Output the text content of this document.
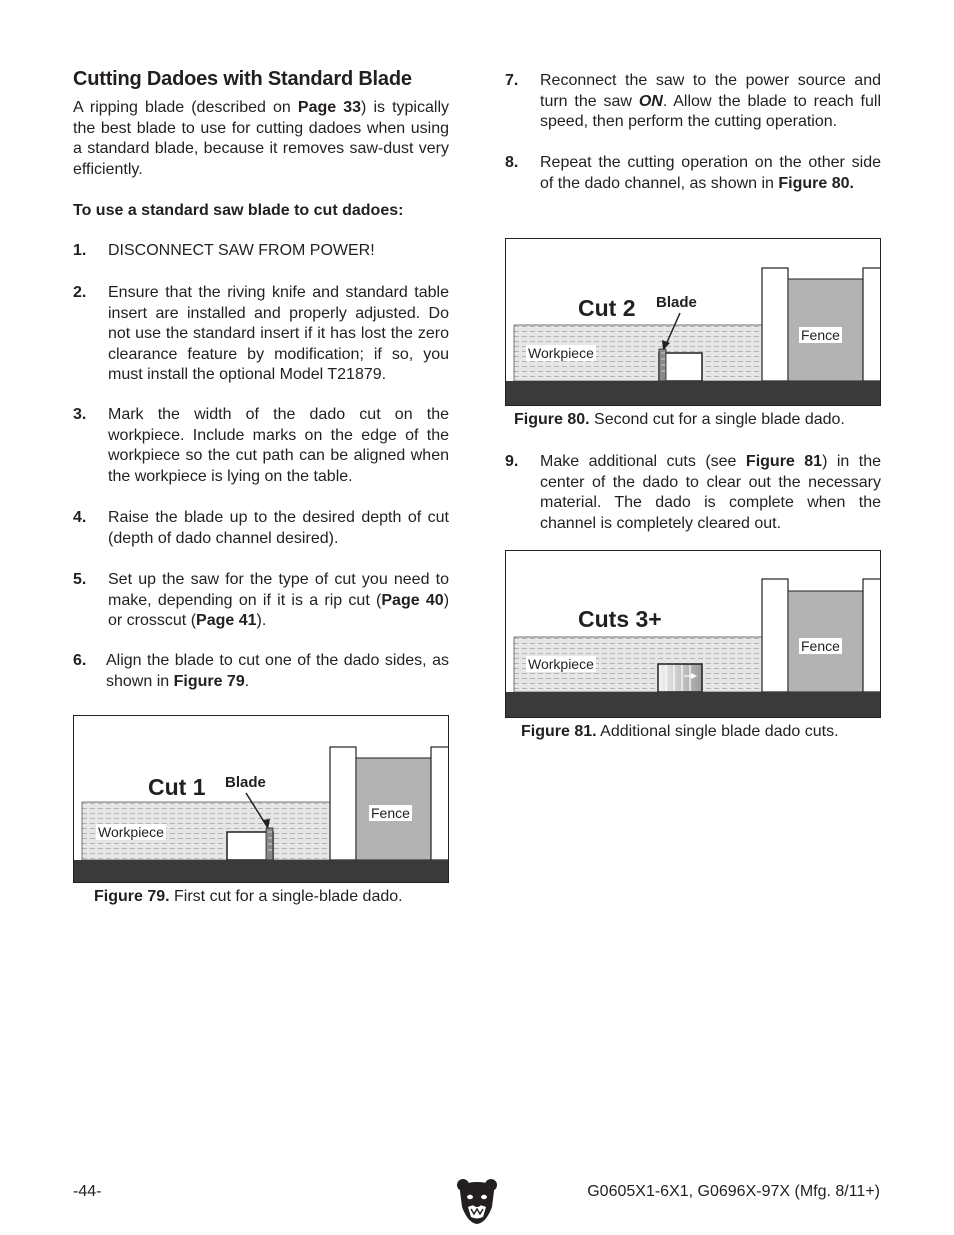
Cutting Dadoes with Standard Blade

A ripping blade (described on Page 33) is typically the best blade to use for cutting dadoes when using a standard blade, because it removes saw-dust very efficiently.

To use a standard saw blade to cut dadoes:

1. DISCONNECT SAW FROM POWER!
2. Ensure that the riving knife and standard table insert are installed and properly adjusted. Do not use the standard insert if it has lost the zero clearance feature by modification; if so, you must install the optional Model T21879.
3. Mark the width of the dado cut on the workpiece. Include marks on the edge of the workpiece so the cut path can be aligned when the workpiece is lying on the table.
4. Raise the blade up to the desired depth of cut (depth of dado channel desired).
5. Set up the saw for the type of cut you need to make, depending on if it is a rip cut (Page 40) or crosscut (Page 41).
6. Align the blade to cut one of the dado sides, as shown in Figure 79.
Cut 1 Blade
Workpiece
Fence

Figure 79. First cut for a single-blade dado.

7. Reconnect the saw to the power source and turn the saw ON. Allow the blade to reach full speed, then perform the cutting operation.
8. Repeat the cutting operation on the other side of the dado channel, as shown in Figure 80.
Cut 2 Blade
Workpiece
Fence

Figure 80. Second cut for a single blade dado.

9. Make additional cuts (see Figure 81) in the center of the dado to clear out the necessary material. The dado is complete when the channel is completely cleared out.
Cuts 3+
Workpiece
Fence

Figure 81. Additional single blade dado cuts.

-44-	G0605X1-6X1, G0696X-97X (Mfg. 8/11+)
